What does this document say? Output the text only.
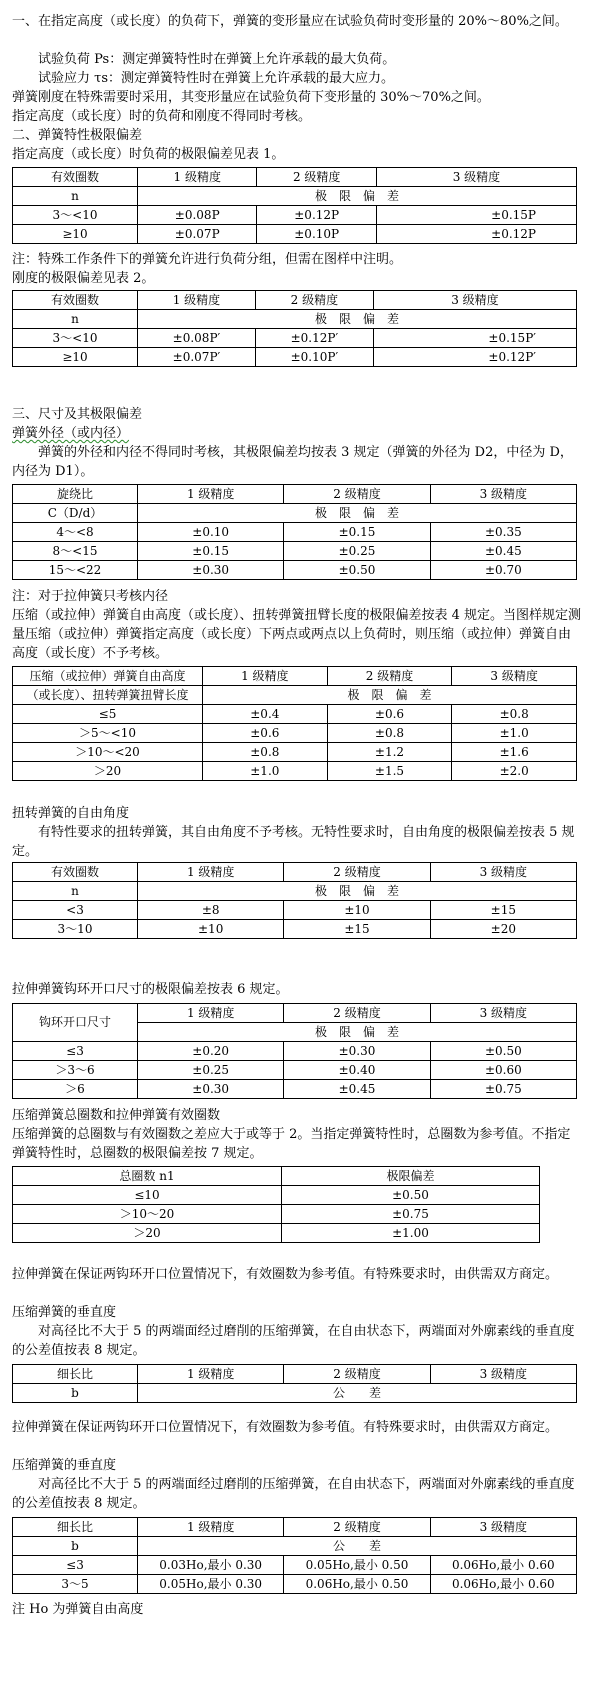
一、在指定高度（或长度）的负荷下，弹簧的变形量应在试验负荷时变形量的 20%～80%之间。
试验负荷 Ps：测定弹簧特性时在弹簧上允许承载的最大负荷。
试验应力 τs：测定弹簧特性时在弹簧上允许承载的最大应力。
弹簧刚度在特殊需要时采用，其变形量应在试验负荷下变形量的 30%～70%之间。
指定高度（或长度）时的负荷和刚度不得同时考核。
二、弹簧特性极限偏差
指定高度（或长度）时负荷的极限偏差见表 1。
有效圈数	1 级精度	2 级精度	3 级精度
n	极　限　偏　差		
3～<10	±0.08P	±0.12P	±0.15P
≥10	±0.07P	±0.10P	±0.12P
注：特殊工作条件下的弹簧允许进行负荷分组，但需在图样中注明。
刚度的极限偏差见表 2。
有效圈数	1 级精度	2 级精度	3 级精度
n	极　限　偏　差		
3～<10	±0.08P′	±0.12P′	±0.15P′
≥10	±0.07P′	±0.10P′	±0.12P′
三、尺寸及其极限偏差
弹簧外径（或内径）
弹簧的外径和内径不得同时考核，其极限偏差均按表 3 规定（弹簧的外径为 D2，中径为 D，内径为 D1）。
旋绕比	1 级精度	2 级精度	3 级精度
C（D/d）	极　限　偏　差		
4～<8	±0.10	±0.15	±0.35
8～<15	±0.15	±0.25	±0.45
15～<22	±0.30	±0.50	±0.70
注：对于拉伸簧只考核内径
压缩（或拉伸）弹簧自由高度（或长度）、扭转弹簧扭臂长度的极限偏差按表 4 规定。当图样规定测量压缩（或拉伸）弹簧指定高度（或长度）下两点或两点以上负荷时，则压缩（或拉伸）弹簧自由高度（或长度）不予考核。
压缩（或拉伸）弹簧自由高度	1 级精度	2 级精度	3 级精度
（或长度）、扭转弹簧扭臂长度	极　限　偏　差		
≤5	±0.4	±0.6	±0.8
＞5～<10	±0.6	±0.8	±1.0
＞10～<20	±0.8	±1.2	±1.6
＞20	±1.0	±1.5	±2.0
扭转弹簧的自由角度
有特性要求的扭转弹簧，其自由角度不予考核。无特性要求时，自由角度的极限偏差按表 5 规定。
有效圈数	1 级精度	2 级精度	3 级精度
n	极　限　偏　差		
<3	±8	±10	±15
3～10	±10	±15	±20
拉伸弹簧钩环开口尺寸的极限偏差按表 6 规定。
钩环开口尺寸	1 级精度	2 级精度	3 级精度
	极　限　偏　差		
≤3	±0.20	±0.30	±0.50
＞3～6	±0.25	±0.40	±0.60
＞6	±0.30	±0.45	±0.75
压缩弹簧总圈数和拉伸弹簧有效圈数
压缩弹簧的总圈数与有效圈数之差应大于或等于 2。当指定弹簧特性时，总圈数为参考值。不指定弹簧特性时，总圈数的极限偏差按 7 规定。
总圈数 n1	极限偏差
≤10	±0.50
＞10～20	±0.75
＞20	±1.00
拉伸弹簧在保证两钩环开口位置情况下，有效圈数为参考值。有特殊要求时，由供需双方商定。
压缩弹簧的垂直度
对高径比不大于 5 的两端面经过磨削的压缩弹簧，在自由状态下，两端面对外廓素线的垂直度的公差值按表 8 规定。
细长比	1 级精度	2 级精度	3 级精度
b	公　　差		
拉伸弹簧在保证两钩环开口位置情况下，有效圈数为参考值。有特殊要求时，由供需双方商定。
压缩弹簧的垂直度
对高径比不大于 5 的两端面经过磨削的压缩弹簧，在自由状态下，两端面对外廓素线的垂直度的公差值按表 8 规定。
细长比	1 级精度	2 级精度	3 级精度
b	公　　差		
≤3	0.03Ho,最小 0.30	0.05Ho,最小 0.50	0.06Ho,最小 0.60
3～5	0.05Ho,最小 0.30	0.06Ho,最小 0.50	0.06Ho,最小 0.60
注 Ho 为弹簧自由高度
